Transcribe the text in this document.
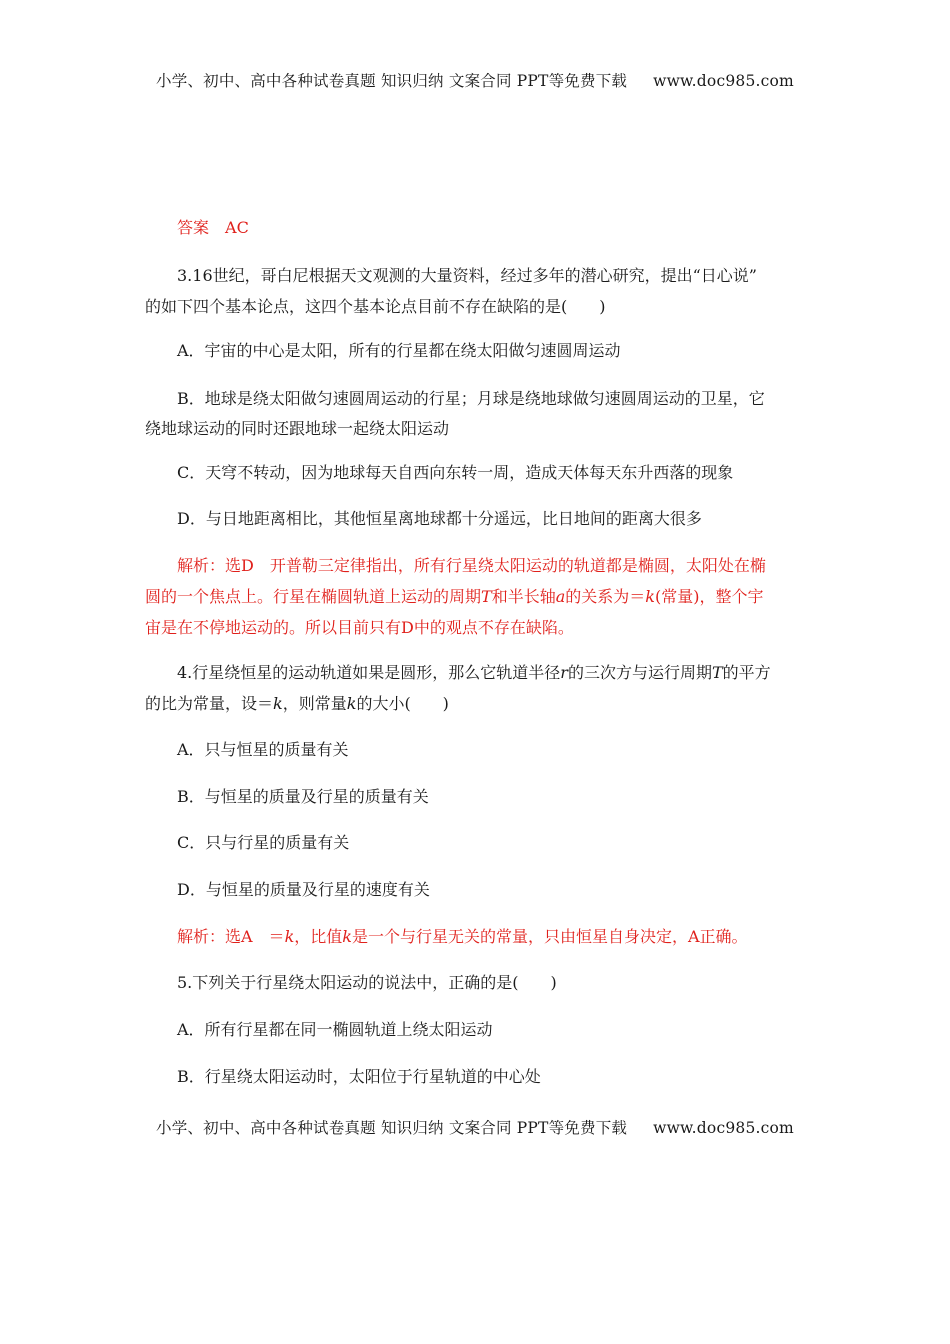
小学、初中、高中各种试卷真题 知识归纳 文案合同 PPT等免费下载 www.doc985.com
答案　 AC
3.16世纪，哥白尼根据天文观测的大量资料，经过多年的潜心研究，提出“日心说”
的如下四个基本论点，这四个基本论点目前不存在缺陷的是(　　)
A．宇宙的中心是太阳，所有的行星都在绕太阳做匀速圆周运动
B．地球是绕太阳做匀速圆周运动的行星；月球是绕地球做匀速圆周运动的卫星，它
绕地球运动的同时还跟地球一起绕太阳运动
C．天穹不转动，因为地球每天自西向东转一周，造成天体每天东升西落的现象
D．与日地距离相比，其他恒星离地球都十分遥远，比日地间的距离大很多
解析：选D　开普勒三定律指出，所有行星绕太阳运动的轨道都是椭圆，太阳处在椭
圆的一个焦点上。行星在椭圆轨道上运动的周期T和半长轴a的关系为＝k(常量)，整个宇
宙是在不停地运动的。所以目前只有D中的观点不存在缺陷。
4.行星绕恒星的运动轨道如果是圆形，那么它轨道半径r的三次方与运行周期T的平方
的比为常量，设＝k，则常量k的大小(　　)
A．只与恒星的质量有关
B．与恒星的质量及行星的质量有关
C．只与行星的质量有关
D．与恒星的质量及行星的速度有关
解析：选A　＝k，比值k是一个与行星无关的常量，只由恒星自身决定，A正确。
5.下列关于行星绕太阳运动的说法中，正确的是(　　)
A．所有行星都在同一椭圆轨道上绕太阳运动
B．行星绕太阳运动时，太阳位于行星轨道的中心处
小学、初中、高中各种试卷真题 知识归纳 文案合同 PPT等免费下载 www.doc985.com
